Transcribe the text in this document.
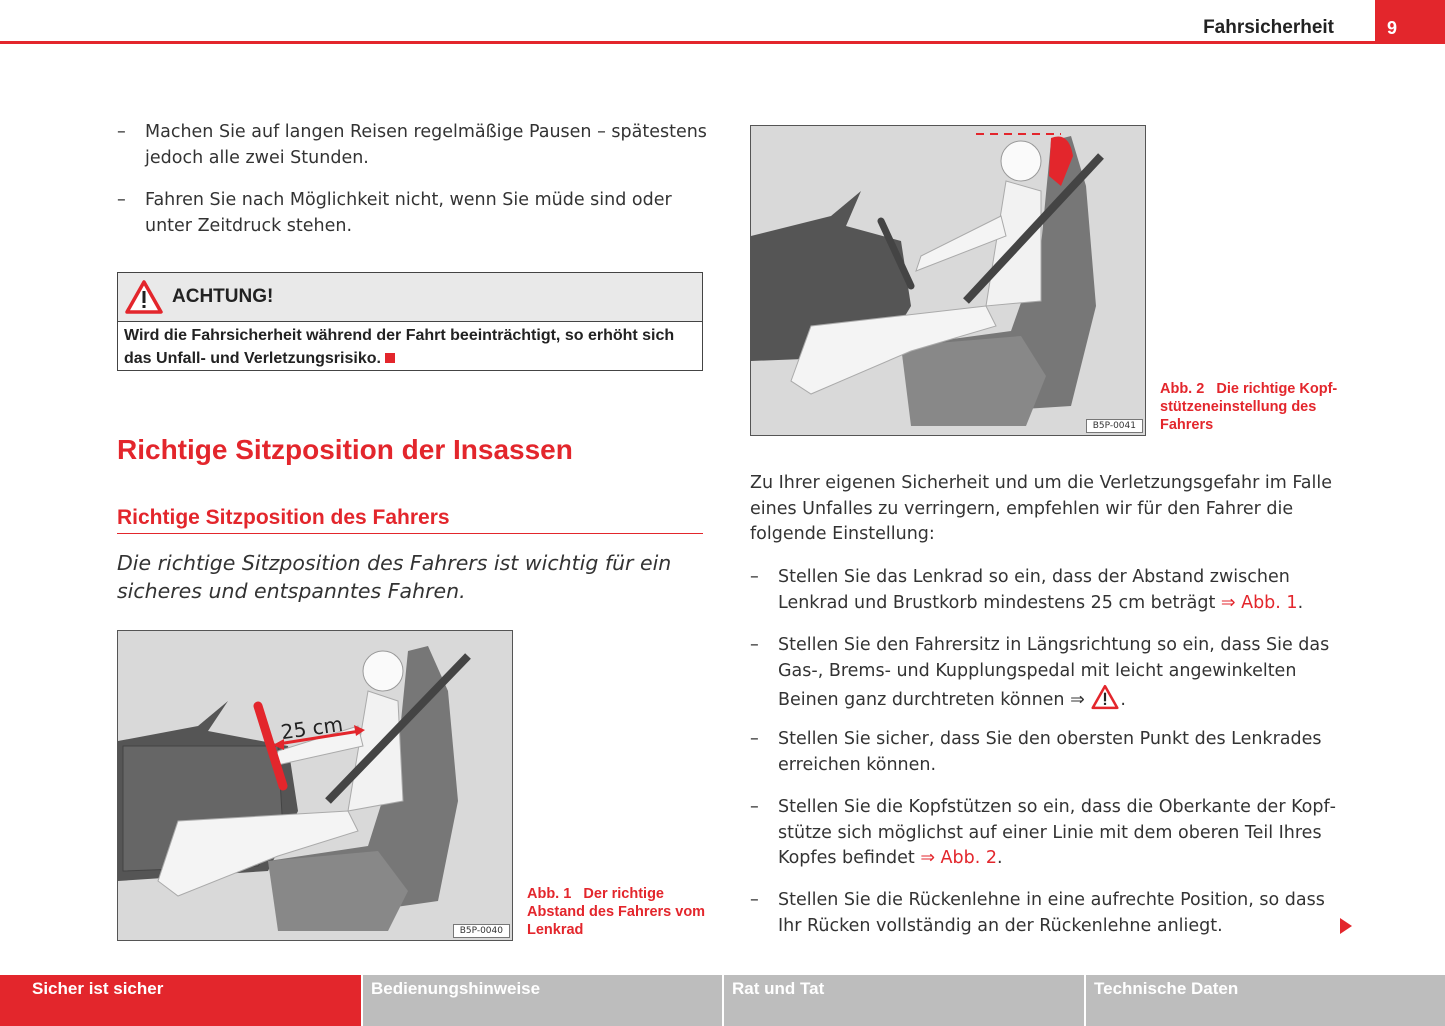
Fahrsicherheit	9
–	Machen Sie auf langen Reisen regelmäßige Pausen – spätestens jedoch alle zwei Stunden.
–	Fahren Sie nach Möglichkeit nicht, wenn Sie müde sind oder unter Zeitdruck stehen.
ACHTUNG!
Wird die Fahrsicherheit während der Fahrt beeinträchtigt, so erhöht sich das Unfall- und Verletzungsrisiko.
Richtige Sitzposition der Insassen
Richtige Sitzposition des Fahrers
Die richtige Sitzposition des Fahrers ist wichtig für ein sicheres und entspanntes Fahren.
25 cm
B5P-0040
Abb. 1 Der richtige Abstand des Fahrers vom Lenkrad
B5P-0041
Abb. 2 Die richtige Kopfstützeneinstellung des Fahrers
Zu Ihrer eigenen Sicherheit und um die Verletzungsgefahr im Falle eines Unfalles zu verringern, empfehlen wir für den Fahrer die folgende Einstellung:
–	Stellen Sie das Lenkrad so ein, dass der Abstand zwischen Lenkrad und Brustkorb mindestens 25 cm beträgt ⇒ Abb. 1.
–	Stellen Sie den Fahrersitz in Längsrichtung so ein, dass Sie das Gas-, Brems- und Kupplungspedal mit leicht angewinkelten Beinen ganz durchtreten können ⇒ .
–	Stellen Sie sicher, dass Sie den obersten Punkt des Lenkrades erreichen können.
–	Stellen Sie die Kopfstützen so ein, dass die Oberkante der Kopfstütze sich möglichst auf einer Linie mit dem oberen Teil Ihres Kopfes befindet ⇒ Abb. 2.
–	Stellen Sie die Rückenlehne in eine aufrechte Position, so dass Ihr Rücken vollständig an der Rückenlehne anliegt.
Sicher ist sicher	Bedienungshinweise	Rat und Tat	Technische Daten
